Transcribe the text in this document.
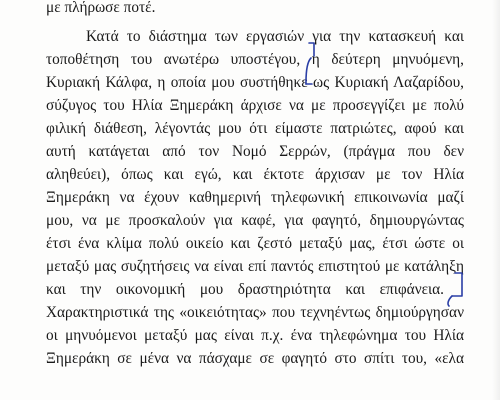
με πλήρωσε ποτέ.
Κατά το διάστημα των εργασιών για την κατασκευή και
τοποθέτηση του ανωτέρω υποστέγου, η δεύτερη μηνυόμενη,
Κυριακή Κάλφα, η οποία μου συστήθηκε ως Κυριακή Λαζαρίδου,
σύζυγος του Ηλία Ξημεράκη άρχισε να με προσεγγίζει με πολύ
φιλική διάθεση, λέγοντάς μου ότι είμαστε πατριώτες, αφού και
αυτή κατάγεται από τον Νομό Σερρών, (πράγμα που δεν
αληθεύει), όπως και εγώ, και έκτοτε άρχισαν με τον Ηλία
Ξημεράκη να έχουν καθημερινή τηλεφωνική επικοινωνία μαζί
μου, να με προσκαλούν για καφέ, για φαγητό, δημιουργώντας
έτσι ένα κλίμα πολύ οικείο και ζεστό μεταξύ μας, έτσι ώστε οι
μεταξύ μας συζητήσεις να είναι επί παντός επιστητού με κατάληξη
και την οικονομική μου δραστηριότητα και επιφάνεια.
Χαρακτηριστικά της «οικειότητας» που τεχνηέντως δημιούργησαν
οι μηνυόμενοι μεταξύ μας είναι π.χ. ένα τηλεφώνημα του Ηλία
Ξημεράκη σε μένα να πάσχαμε σε φαγητό στο σπίτι του, «ελα
